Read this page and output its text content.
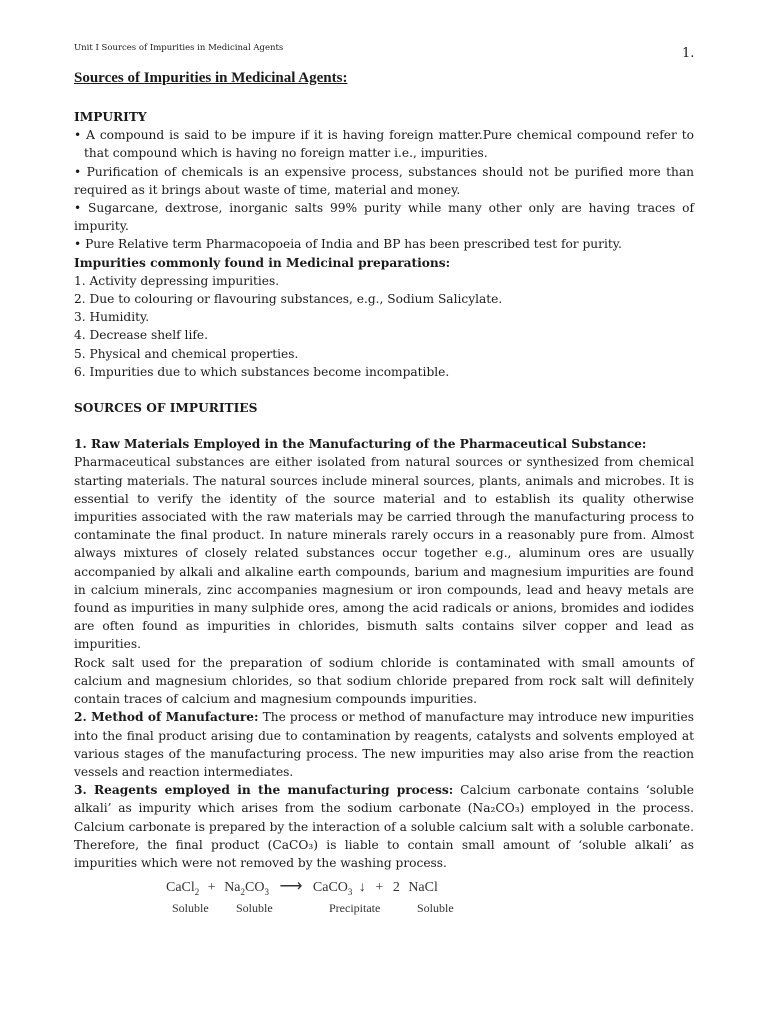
Unit I Sources of Impurities in Medicinal Agents	1.
Sources of Impurities in Medicinal Agents:

IMPURITY

• A compound is said to be impure if it is having foreign matter.Pure chemical compound refer to that compound which is having no foreign matter i.e., impurities.

• Purification of chemicals is an expensive process, substances should not be purified more than required as it brings about waste of time, material and money.

• Sugarcane, dextrose, inorganic salts 99% purity while many other only are having traces of impurity.

• Pure Relative term Pharmacopoeia of India and BP has been prescribed test for purity.

Impurities commonly found in Medicinal preparations:

1. Activity depressing impurities.

2. Due to colouring or flavouring substances, e.g., Sodium Salicylate.

3. Humidity.

4. Decrease shelf life.

5. Physical and chemical properties.

6. Impurities due to which substances become incompatible.

SOURCES OF IMPURITIES

1. Raw Materials Employed in the Manufacturing of the Pharmaceutical Substance:

Pharmaceutical substances are either isolated from natural sources or synthesized from chemical starting materials. The natural sources include mineral sources, plants, animals and microbes. It is essential to verify the identity of the source material and to establish its quality otherwise impurities associated with the raw materials may be carried through the manufacturing process to contaminate the final product. In nature minerals rarely occurs in a reasonably pure from. Almost always mixtures of closely related substances occur together e.g., aluminum ores are usually accompanied by alkali and alkaline earth compounds, barium and magnesium impurities are found in calcium minerals, zinc accompanies magnesium or iron compounds, lead and heavy metals are found as impurities in many sulphide ores, among the acid radicals or anions, bromides and iodides are often found as impurities in chlorides, bismuth salts contains silver copper and lead as impurities.

Rock salt used for the preparation of sodium chloride is contaminated with small amounts of calcium and magnesium chlorides, so that sodium chloride prepared from rock salt will definitely contain traces of calcium and magnesium compounds impurities.

2. Method of Manufacture: The process or method of manufacture may introduce new impurities into the final product arising due to contamination by reagents, catalysts and solvents employed at various stages of the manufacturing process. The new impurities may also arise from the reaction vessels and reaction intermediates.

3. Reagents employed in the manufacturing process: Calcium carbonate contains ‘soluble alkali’ as impurity which arises from the sodium carbonate (Na₂CO₃) employed in the process. Calcium carbonate is prepared by the interaction of a soluble calcium salt with a soluble carbonate. Therefore, the final product (CaCO₃) is liable to contain small amount of ‘soluble alkali’ as impurities which were not removed by the washing process.

CaCl$_2$ + $Na_2CO_3$ ⟶ CaCO$_3$ ↓ + 2 NaCl
Soluble Soluble	Precipitate	Soluble
